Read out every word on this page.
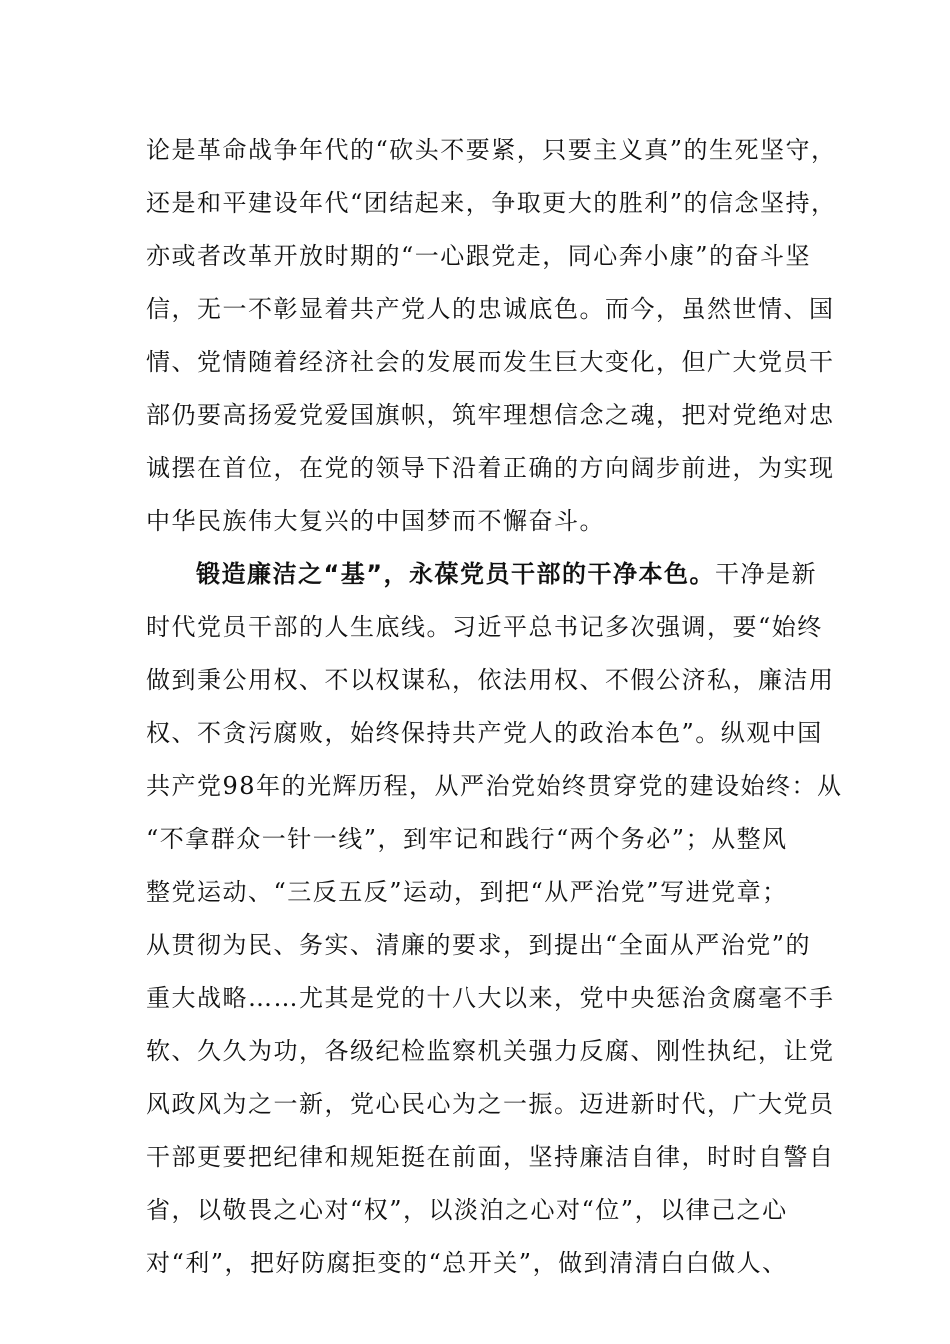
论是革命战争年代的“砍头不要紧，只要主义真”的生死坚守，
还是和平建设年代“团结起来，争取更大的胜利”的信念坚持，
亦或者改革开放时期的“一心跟党走，同心奔小康”的奋斗坚
信，无一不彰显着共产党人的忠诚底色。而今，虽然世情、国
情、党情随着经济社会的发展而发生巨大变化，但广大党员干
部仍要高扬爱党爱国旗帜，筑牢理想信念之魂，把对党绝对忠
诚摆在首位，在党的领导下沿着正确的方向阔步前进，为实现
中华民族伟大复兴的中国梦而不懈奋斗。
锻造廉洁之“基”，永葆党员干部的干净本色。干净是新
时代党员干部的人生底线。习近平总书记多次强调，要“始终
做到秉公用权、不以权谋私，依法用权、不假公济私，廉洁用
权、不贪污腐败，始终保持共产党人的政治本色”。纵观中国
共产党98年的光辉历程，从严治党始终贯穿党的建设始终：从
“不拿群众一针一线”，到牢记和践行“两个务必”；从整风
整党运动、“三反五反”运动，到把“从严治党”写进党章；
从贯彻为民、务实、清廉的要求，到提出“全面从严治党”的
重大战略……尤其是党的十八大以来，党中央惩治贪腐毫不手
软、久久为功，各级纪检监察机关强力反腐、刚性执纪，让党
风政风为之一新，党心民心为之一振。迈进新时代，广大党员
干部更要把纪律和规矩挺在前面，坚持廉洁自律，时时自警自
省，以敬畏之心对“权”，以淡泊之心对“位”，以律己之心
对“利”，把好防腐拒变的“总开关”，做到清清白白做人、
